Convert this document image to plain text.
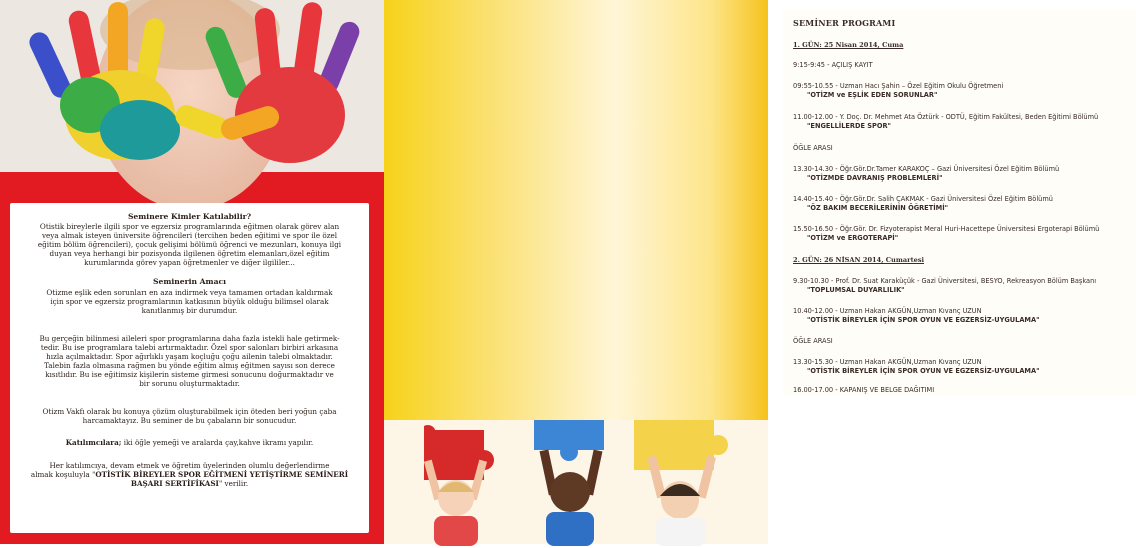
Seminere Kimler Katılabilir?
Otistik bireylerle ilgili spor ve egzersiz programlarında eğitmen olarak görev alan
veya almak isteyen üniversite öğrencileri (tercihen beden eğitimi ve spor ile özel
eğitim bölüm öğrencileri), çocuk gelişimi bölümü öğrenci ve mezunları, konuya ilgi
duyan veya herhangi bir pozisyonda ilgilenen öğretim elemanları,özel eğitim
kurumlarında görev yapan öğretmenler ve diğer ilgililer...
Seminerin Amacı
Otizme eşlik eden sorunları en aza indirmek veya tamamen ortadan kaldırmak
için spor ve egzersiz programlarının katkısının büyük olduğu bilimsel olarak
kanıtlanmış bir durumdur.
Bu gerçeğin bilinmesi aileleri spor programlarına daha fazla istekli hale getirmek-
tedir. Bu ise programlara talebi artırmaktadır. Özel spor salonları birbiri arkasına
hızla açılmaktadır. Spor ağırlıklı yaşam koçluğu çoğu ailenin talebi olmaktadır.
Talebin fazla olmasına rağmen bu yönde eğitim almış eğitmen sayısı son derece
kısıtlıdır. Bu ise eğitimsiz kişilerin sisteme girmesi sonucunu doğurmaktadır ve
bir sorunu oluşturmaktadır.
Otizm Vakfı olarak bu konuya çözüm oluşturabilmek için öteden beri yoğun çaba
harcamaktayız. Bu seminer de bu çabaların bir sonucudur.
Katılımcılara; iki öğle yemeği ve aralarda çay,kahve ikramı yapılır.
Her katılımcıya, devam etmek ve öğretim üyelerinden olumlu değerlendirme
almak koşuluyla "OTİSTİK BİREYLER SPOR EĞİTMENİ YETİŞTİRME SEMİNERİ
BAŞARI SERTİFİKASI" verilir.
SEMİNER PROGRAMI
1. GÜN: 25 Nisan 2014, Cuma
9:15-9:45 - AÇILIŞ KAYIT
09:55-10.55 - Uzman Hacı Şahin – Özel Eğitim Okulu Öğretmeni
"OTİZM ve EŞLİK EDEN SORUNLAR"
11.00-12.00 - Y. Doç. Dr. Mehmet Ata Öztürk - ODTÜ, Eğitim Fakültesi, Beden Eğitimi Bölümü
"ENGELLİLERDE SPOR"
ÖĞLE ARASI
13.30-14.30 - Öğr.Gör.Dr.Tamer KARAKOÇ – Gazi Üniversitesi Özel Eğitim Bölümü
"OTİZMDE DAVRANIŞ PROBLEMLERİ"
14.40-15.40 - Öğr.Gör.Dr. Salih ÇAKMAK - Gazi Üniversitesi Özel Eğitim Bölümü
"ÖZ BAKIM BECERİLERİNİN ÖĞRETİMİ"
15.50-16.50 - Öğr.Gör. Dr. Fizyoterapist Meral Huri-Hacettepe Üniversitesi Ergoterapi Bölümü
"OTİZM ve ERGOTERAPİ"
2. GÜN: 26 NİSAN 2014, Cumartesi
9.30-10.30 - Prof. Dr. Suat Karaküçük - Gazi Üniversitesi, BESYO, Rekreasyon Bölüm Başkanı
"TOPLUMSAL DUYARLILIK"
10.40-12.00 - Uzman Hakan AKGÜN,Uzman Kıvanç UZUN
"OTİSTİK BİREYLER İÇİN SPOR OYUN VE EGZERSİZ-UYGULAMA"
ÖĞLE ARASI
13.30-15.30 - Uzman Hakan AKGÜN,Uzman Kıvanç UZUN
"OTİSTİK BİREYLER İÇİN SPOR OYUN VE EGZERSİZ-UYGULAMA"
16.00-17.00 - KAPANIŞ VE BELGE DAĞITIMI
